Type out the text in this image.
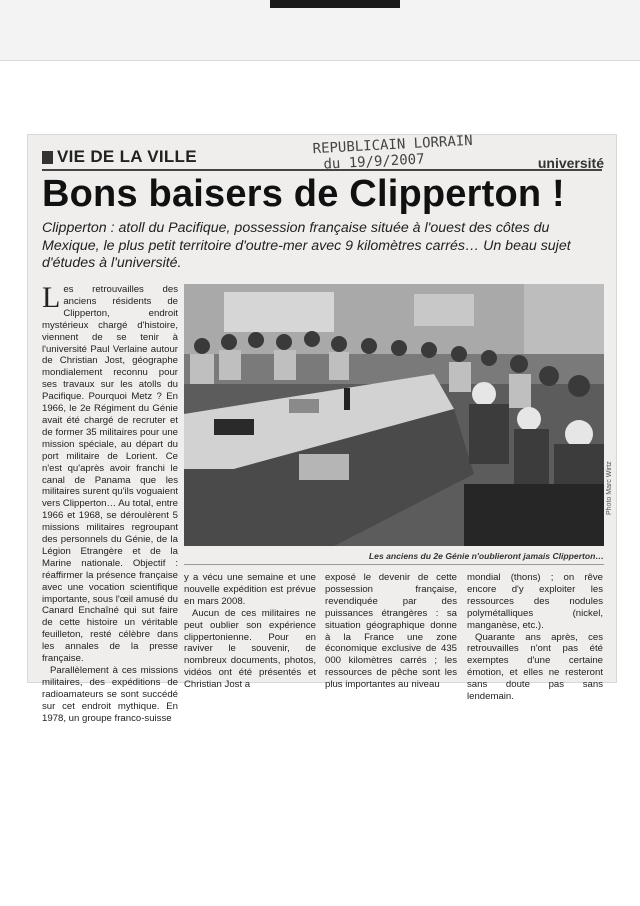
VIE DE LA VILLE	REPUBLICAIN LORRAIN
du 19/9/2007	université
Bons baisers de Clipperton !
Clipperton : atoll du Pacifique, possession française située à l'ouest des côtes du Mexique, le plus petit territoire d'outre-mer avec 9 kilomètres carrés… Un beau sujet d'études à l'université.

Les retrouvailles des anciens résidents de Clipperton, endroit mystérieux chargé d'histoire, viennent de se tenir à l'université Paul Verlaine autour de Christian Jost, géographe mondialement reconnu pour ses travaux sur les atolls du Pacifique. Pourquoi Metz ? En 1966, le 2e Régiment du Génie avait été chargé de recruter et de former 35 militaires pour une mission spéciale, au départ du port militaire de Lorient. Ce n'est qu'après avoir franchi le canal de Panama que les militaires surent qu'ils voguaient vers Clipperton… Au total, entre 1966 et 1968, se déroulèrent 5 missions militaires regroupant des personnels du Génie, de la Légion Etrangère et de la Marine nationale. Objectif : réaffirmer la présence française avec une vocation scientifique importante, sous l'œil amusé du Canard Enchaîné qui sut faire de cette histoire un véritable feuilleton, resté célèbre dans les annales de la presse française.

Parallèlement à ces missions militaires, des expéditions de radioamateurs se sont succédé sur cet endroit mythique. En 1978, un groupe franco-suisse

Photo Marc Wirtz
Les anciens du 2e Génie n'oublieront jamais Clipperton…

y a vécu une semaine et une nouvelle expédition est prévue en mars 2008.

Aucun de ces militaires ne peut oublier son expérience clippertonienne. Pour en raviver le souvenir, de nombreux documents, photos, vidéos ont été présentés et Christian Jost a

exposé le devenir de cette possession française, revendiquée par des puissances étrangères : sa situation géographique donne à la France une zone économique exclusive de 435 000 kilomètres carrés ; les ressources de pêche sont les plus importantes au niveau

mondial (thons) ; on rêve encore d'y exploiter les ressources des nodules polymétalliques (nickel, manganèse, etc.).

Quarante ans après, ces retrouvailles n'ont pas été exemptes d'une certaine émotion, et elles ne resteront sans doute pas sans lendemain.
